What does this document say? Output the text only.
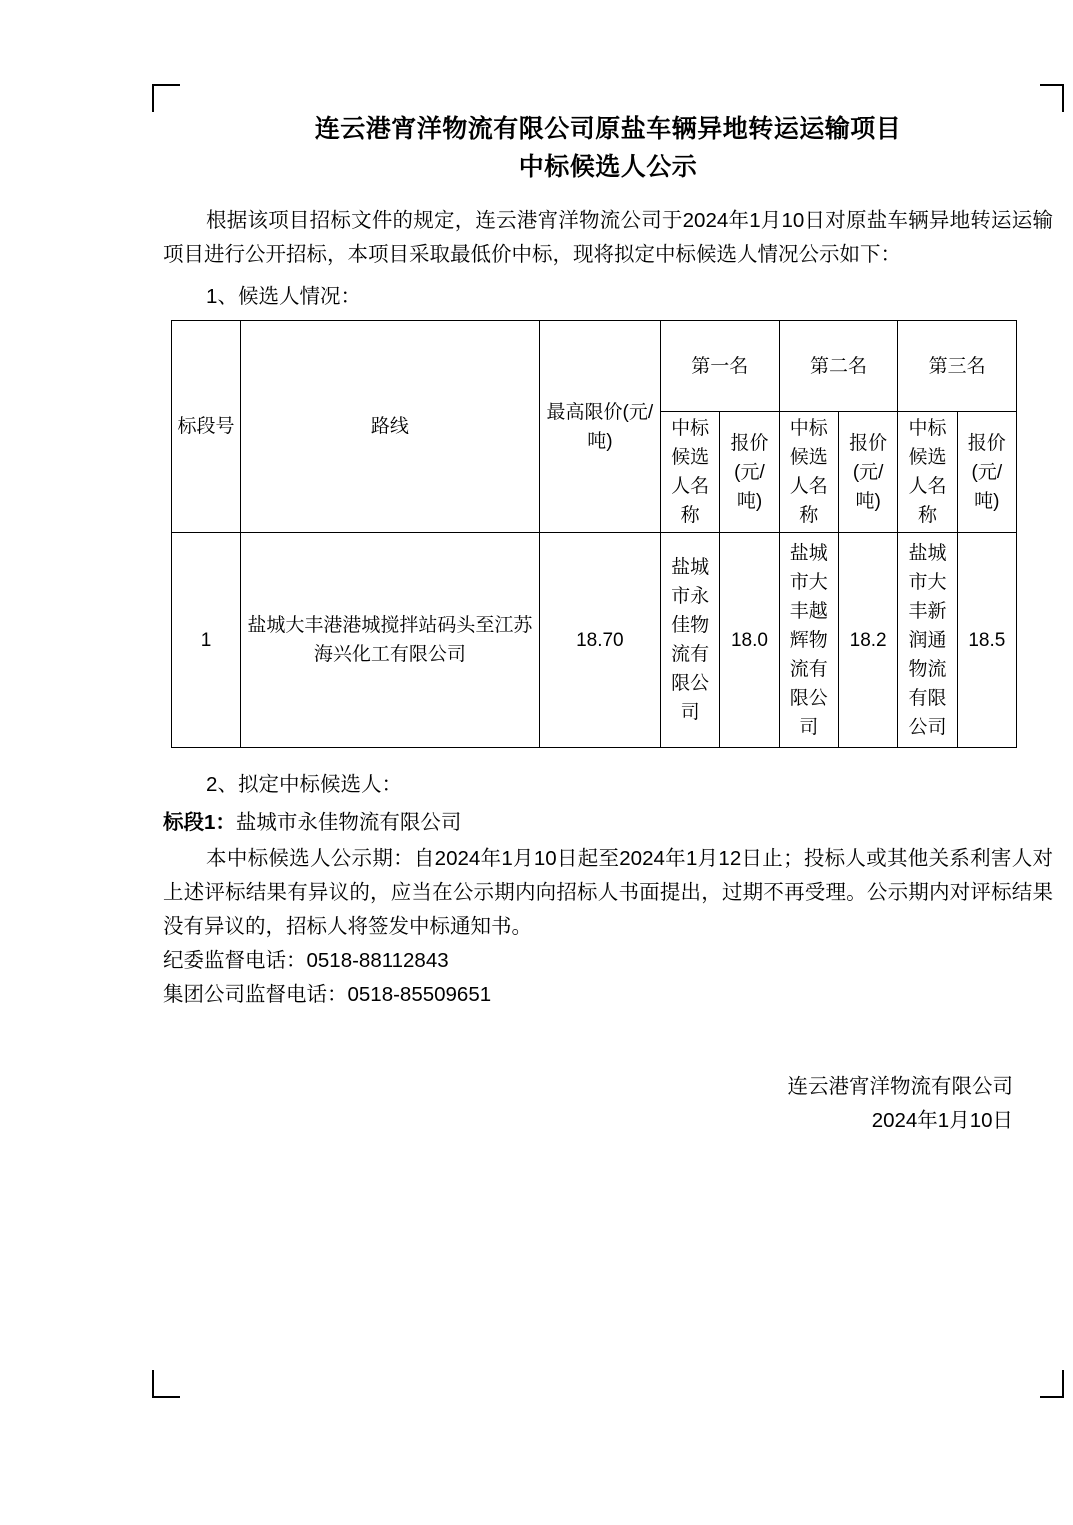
连云港宵洋物流有限公司原盐车辆异地转运运输项目
中标候选人公示
根据该项目招标文件的规定，连云港宵洋物流公司于2024年1月10日对原盐车辆异地转运运输项目进行公开招标，本项目采取最低价中标，现将拟定中标候选人情况公示如下：
1、候选人情况：
标段号	路线	最高限价(元/吨)	第一名		第二名		第三名	
			中标候选人名称	报价(元/吨)	中标候选人名称	报价(元/吨)	中标候选人名称	报价(元/吨)
1	盐城大丰港港城搅拌站码头至江苏海兴化工有限公司	18.70	盐城市永佳物流有限公司	18.0	盐城市大丰越辉物流有限公司	18.2	盐城市大丰新润通物流有限公司	18.5
2、拟定中标候选人：
标段1：盐城市永佳物流有限公司
本中标候选人公示期：自2024年1月10日起至2024年1月12日止；投标人或其他关系利害人对上述评标结果有异议的，应当在公示期内向招标人书面提出，过期不再受理。公示期内对评标结果没有异议的，招标人将签发中标通知书。
纪委监督电话：0518-88112843
集团公司监督电话：0518-85509651
连云港宵洋物流有限公司
2024年1月10日
